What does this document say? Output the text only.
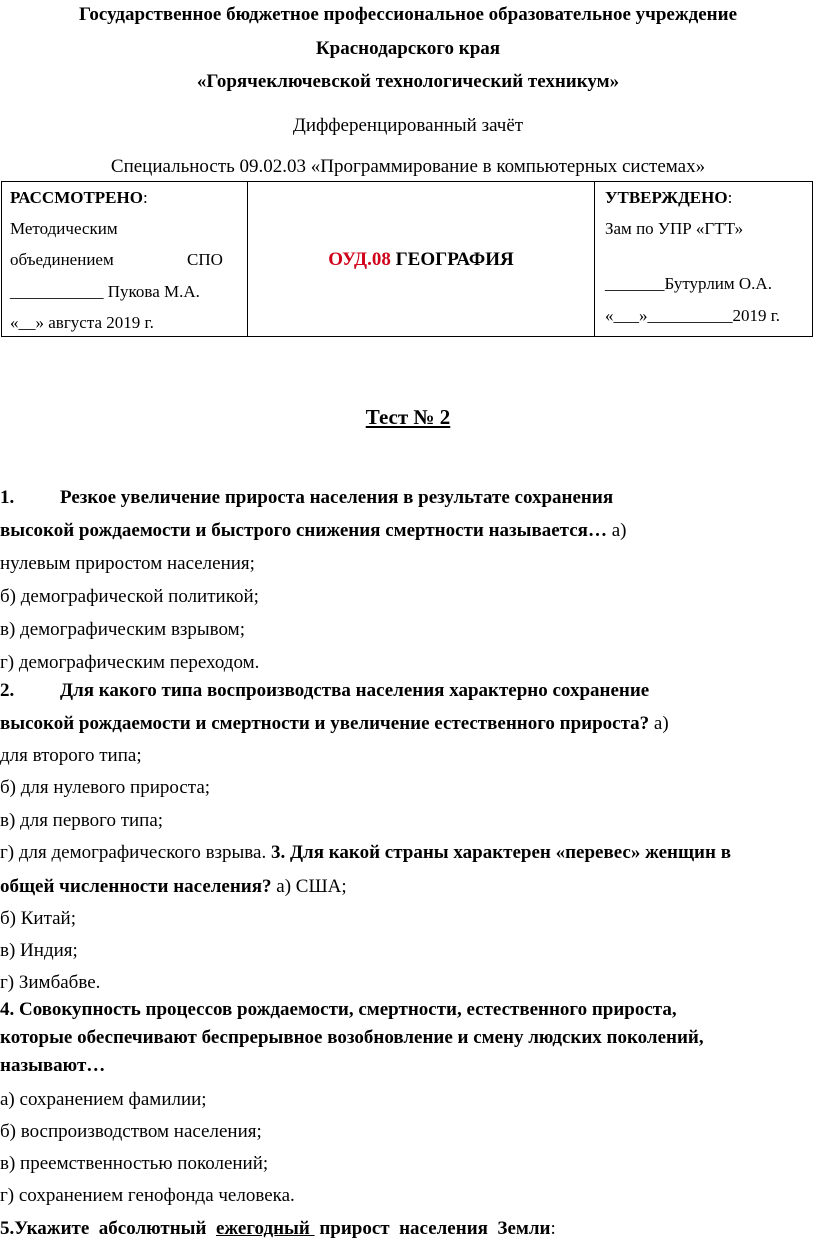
Государственное бюджетное профессиональное образовательное учреждение
Краснодарского края
«Горячеключевской технологический техникум»
Дифференцированный зачёт
Специальность 09.02.03 «Программирование в компьютерных системах»
РАССМОТРЕНО:
Методическим
объединением	СПО
___________ Пукова М.А.
«__» августа 2019 г.
ОУД.08 ГЕОГРАФИЯ
УТВЕРЖДЕНО:
Зам по УПР «ГТТ»
_______Бутурлим О.А.
«___»__________2019 г.
Тест № 2
1. Резкое увеличение прироста населения в результате сохранения
высокой рождаемости и быстрого снижения смертности называется… а)
нулевым приростом населения;
б) демографической политикой;
в) демографическим взрывом;
г) демографическим переходом.
2. Для какого типа воспроизводства населения характерно сохранение
высокой рождаемости и смертности и увеличение естественного прироста? а)
для второго типа;
б) для нулевого прироста;
в) для первого типа;
г) для демографического взрыва. 3. Для какой страны характерен «перевес» женщин в
общей численности населения? а) США;
б) Китай;
в) Индия;
г) Зимбабве.
4. Совокупность процессов рождаемости, смертности, естественного прироста,
которые обеспечивают беспрерывное возобновление и смену людских поколений,
называют…
а) сохранением фамилии;
б) воспроизводством населения;
в) преемственностью поколений;
г) сохранением генофонда человека.
5.Укажите  абсолютный  ежегодный  прирост  населения  Земли:
